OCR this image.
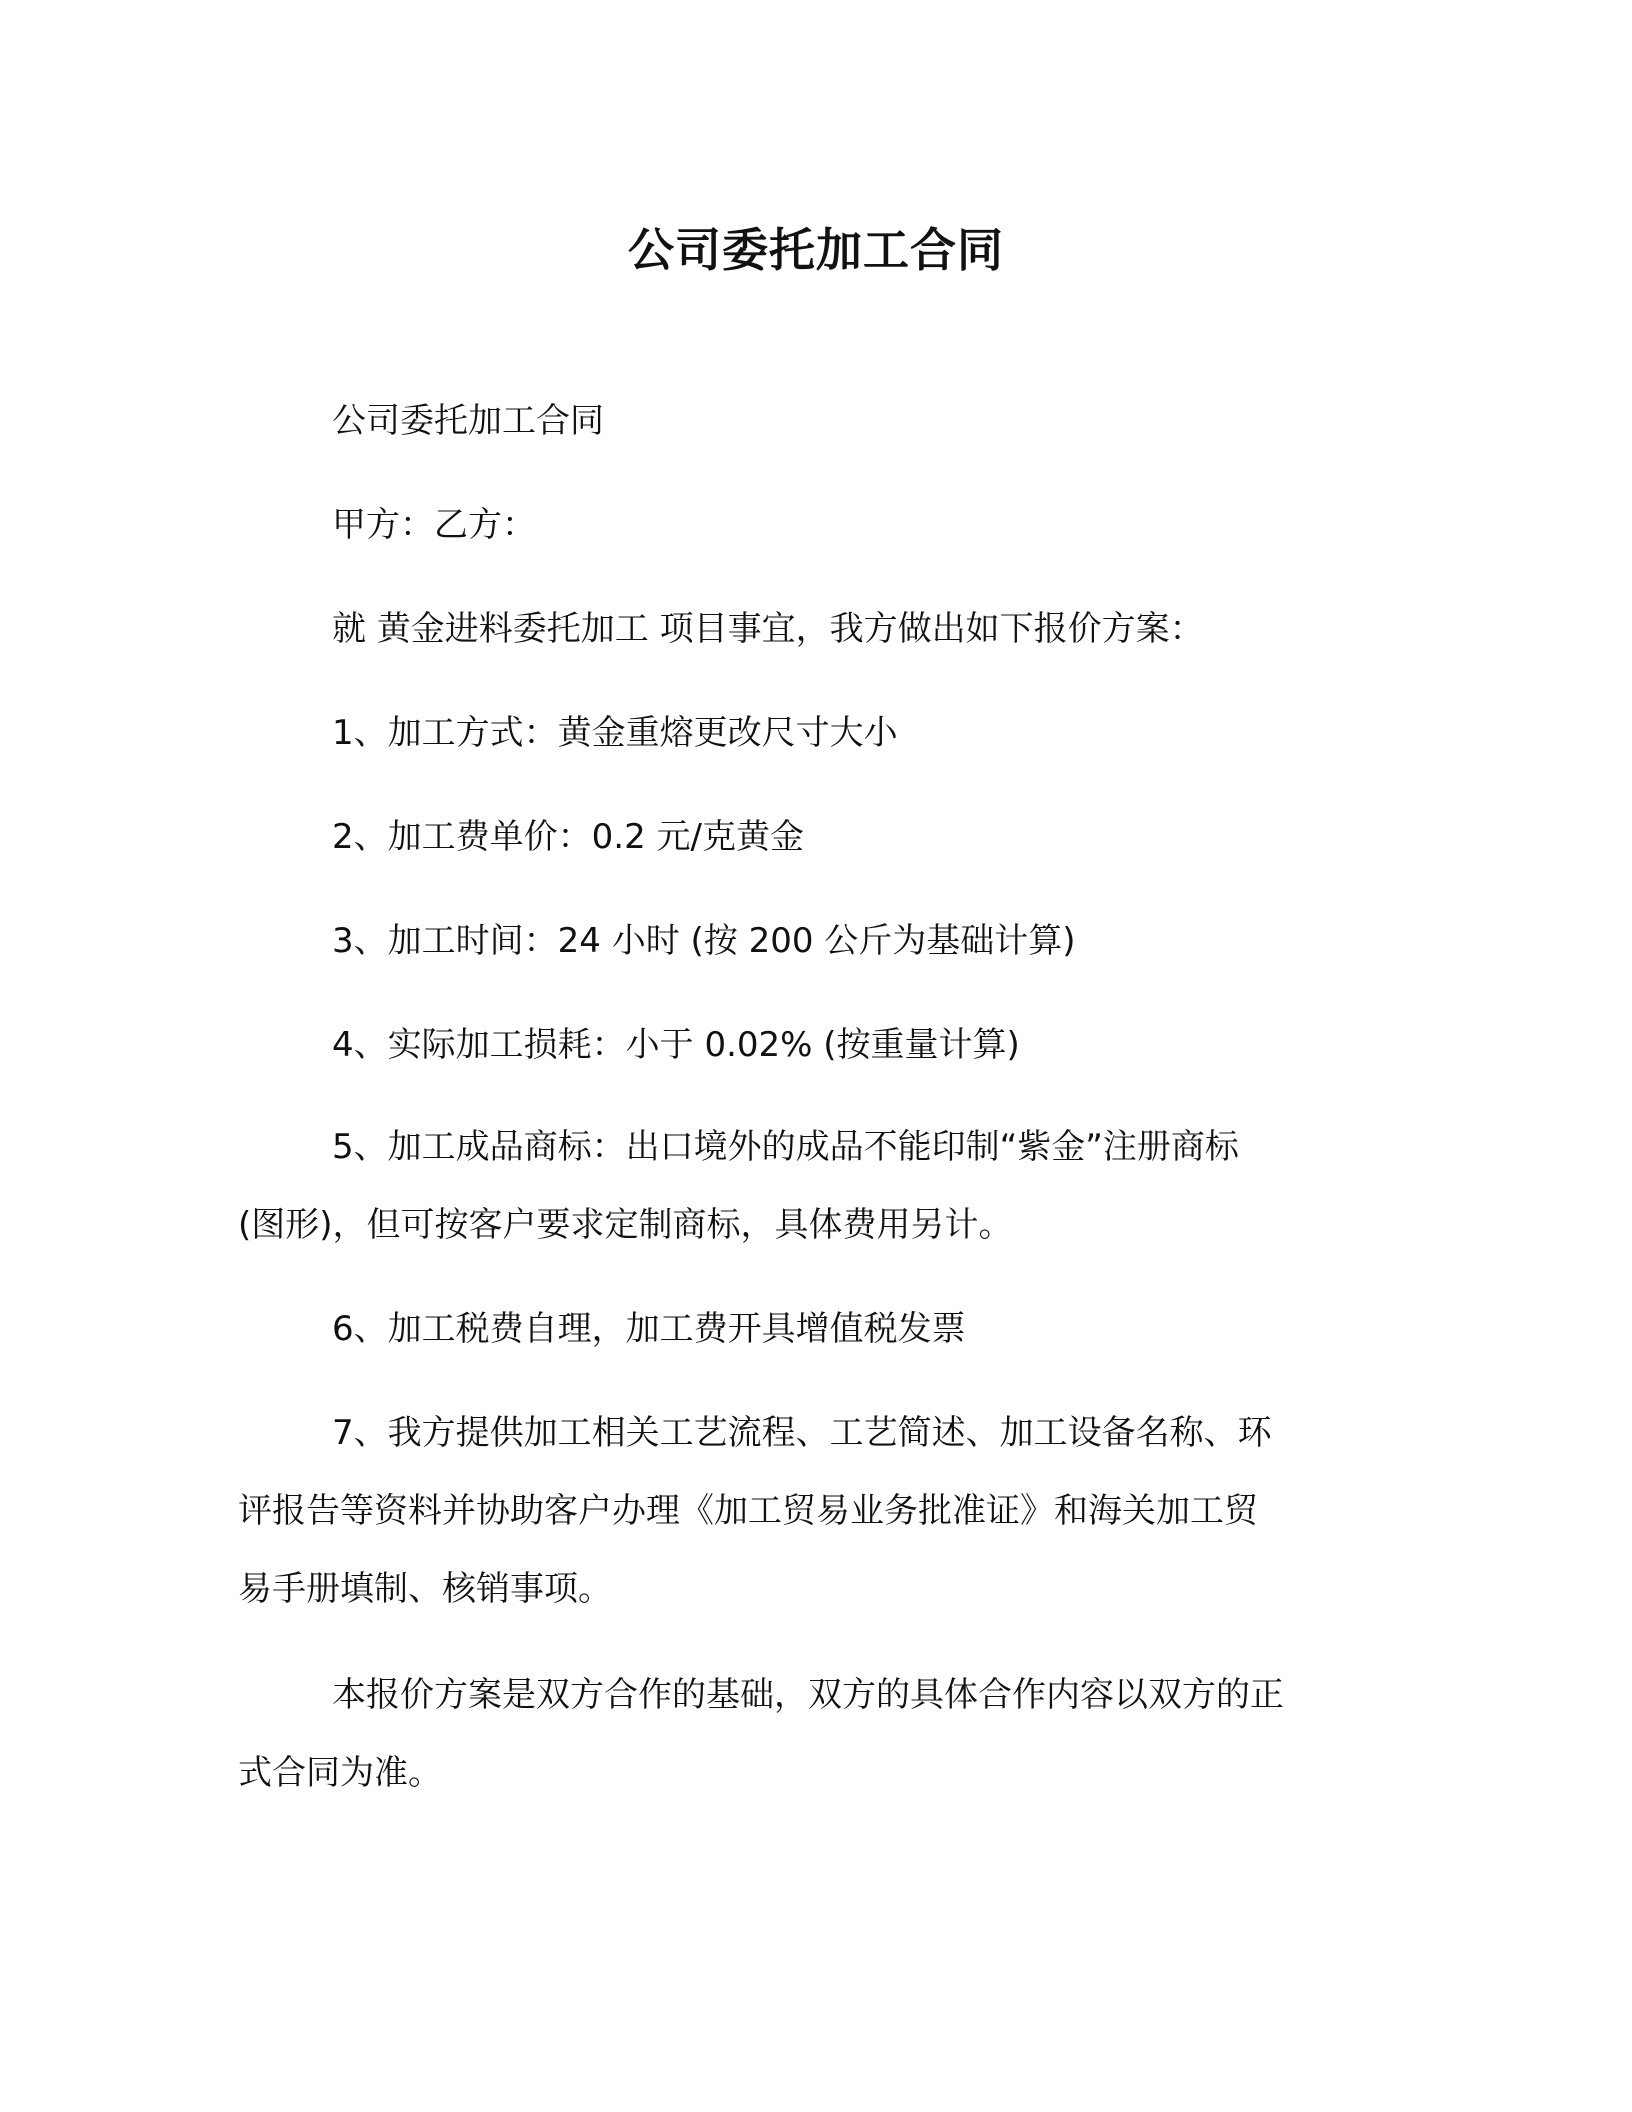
公司委托加工合同
公司委托加工合同
甲方：乙方：
就 黄金进料委托加工 项目事宜，我方做出如下报价方案：
1、加工方式：黄金重熔更改尺寸大小
2、加工费单价：0.2 元/克黄金
3、加工时间：24 小时 (按 200 公斤为基础计算)
4、实际加工损耗：小于 0.02% (按重量计算)
5、加工成品商标：出口境外的成品不能印制“紫金”注册商标
(图形)，但可按客户要求定制商标，具体费用另计。
6、加工税费自理，加工费开具增值税发票
7、我方提供加工相关工艺流程、工艺简述、加工设备名称、环
评报告等资料并协助客户办理《加工贸易业务批准证》和海关加工贸
易手册填制、核销事项。
本报价方案是双方合作的基础，双方的具体合作内容以双方的正
式合同为准。
